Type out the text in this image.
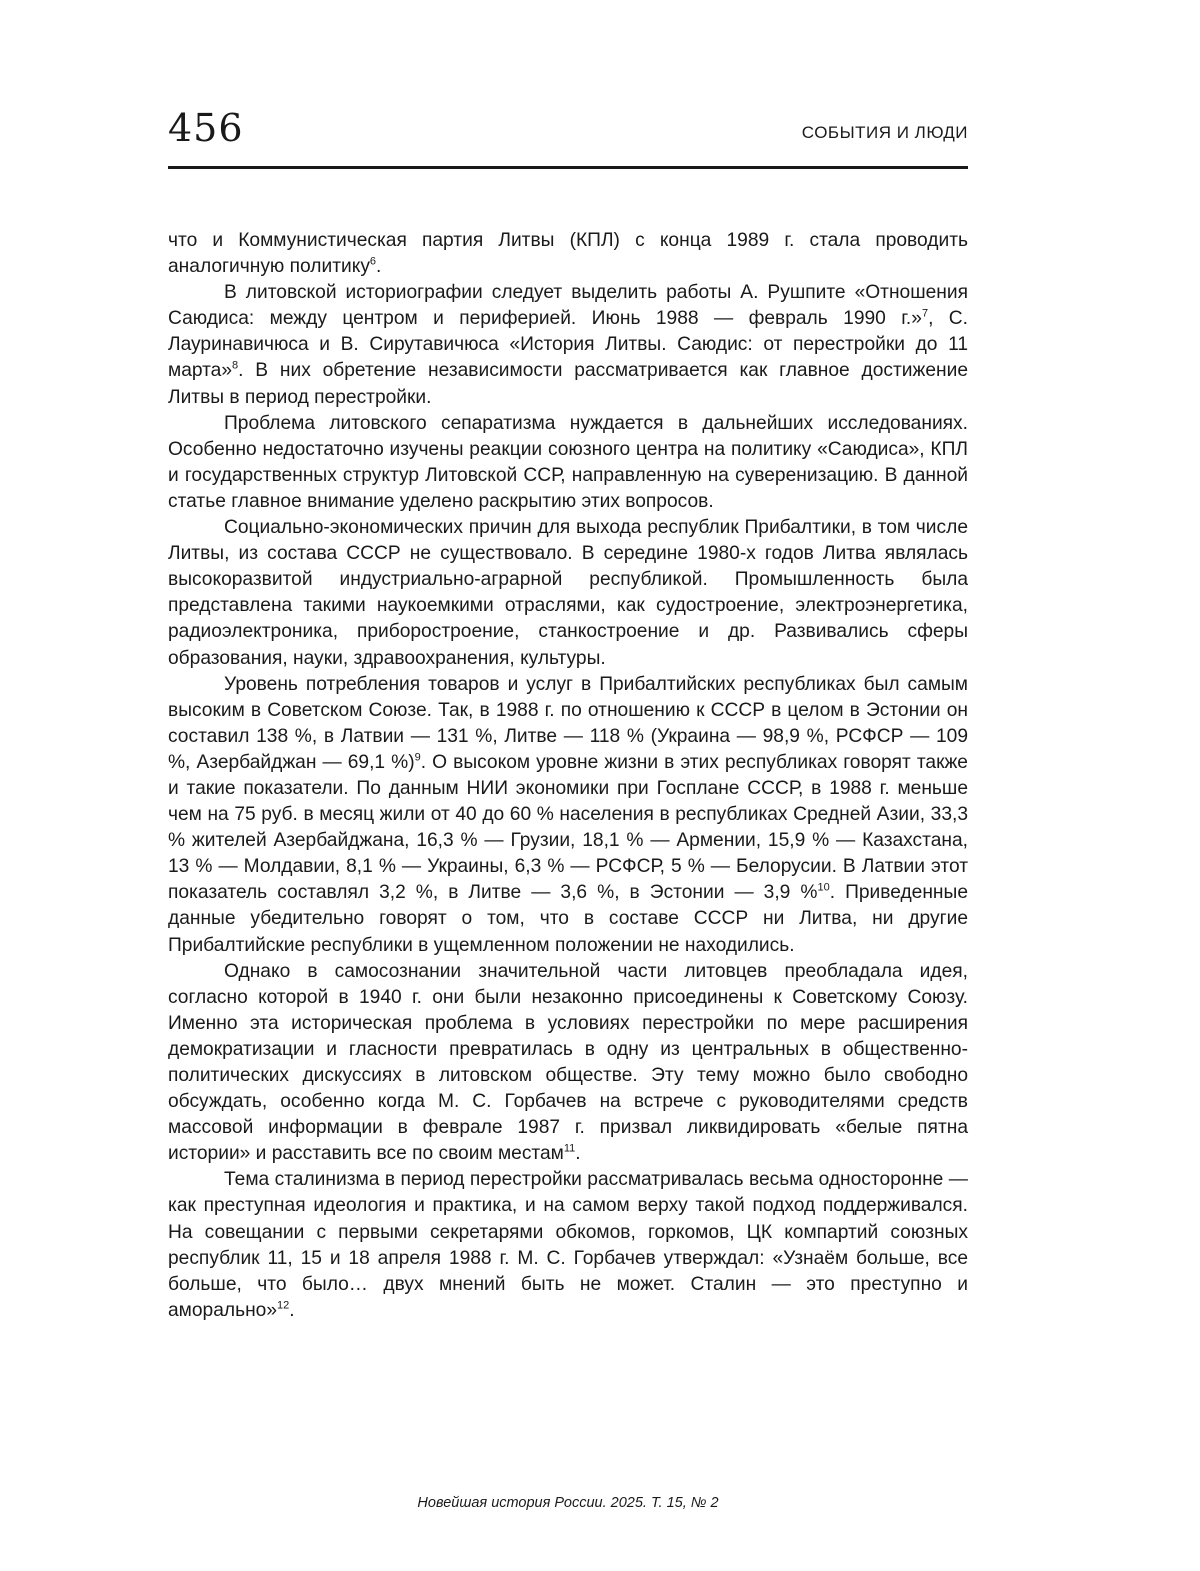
456	СОБЫТИЯ И ЛЮДИ

что и Коммунистическая партия Литвы (КПЛ) с конца 1989 г. стала проводить аналогичную политику$^6$.

В литовской историографии следует выделить работы А. Рушпите «Отношения Саюдиса: между центром и периферией. Июнь 1988 — февраль 1990 г.»$^7$, С. Лауринавичюса и В. Сирутавичюса «История Литвы. Саюдис: от перестройки до 11 марта»$^8$. В них обретение независимости рассматривается как главное достижение Литвы в период перестройки.

Проблема литовского сепаратизма нуждается в дальнейших исследованиях. Особенно недостаточно изучены реакции союзного центра на политику «Саюдиса», КПЛ и государственных структур Литовской ССР, направленную на суверенизацию. В данной статье главное внимание уделено раскрытию этих вопросов.

Социально-экономических причин для выхода республик Прибалтики, в том числе Литвы, из состава СССР не существовало. В середине 1980-х годов Литва являлась высокоразвитой индустриально-аграрной республикой. Промышленность была представлена такими наукоемкими отраслями, как судостроение, электроэнергетика, радиоэлектроника, приборостроение, станкостроение и др. Развивались сферы образования, науки, здравоохранения, культуры.

Уровень потребления товаров и услуг в Прибалтийских республиках был самым высоким в Советском Союзе. Так, в 1988 г. по отношению к СССР в целом в Эстонии он составил 138 %, в Латвии — 131 %, Литве — 118 % (Украина — 98,9 %, РСФСР — 109 %, Азербайджан — 69,1 %)$^9$. О высоком уровне жизни в этих республиках говорят также и такие показатели. По данным НИИ экономики при Госплане СССР, в 1988 г. меньше чем на 75 руб. в месяц жили от 40 до 60 % населения в республиках Средней Азии, 33,3 % жителей Азербайджана, 16,3 % — Грузии, 18,1 % — Армении, 15,9 % — Казахстана, 13 % — Молдавии, 8,1 % — Украины, 6,3 % — РСФСР, 5 % — Белорусии. В Латвии этот показатель составлял 3,2 %, в Литве — 3,6 %, в Эстонии — 3,9 %$^{10}$. Приведенные данные убедительно говорят о том, что в составе СССР ни Литва, ни другие Прибалтийские республики в ущемленном положении не находились.

Однако в самосознании значительной части литовцев преобладала идея, согласно которой в 1940 г. они были незаконно присоединены к Советскому Союзу. Именно эта историческая проблема в условиях перестройки по мере расширения демократизации и гласности превратилась в одну из центральных в общественно-политических дискуссиях в литовском обществе. Эту тему можно было свободно обсуждать, особенно когда М. С. Горбачев на встрече с руководителями средств массовой информации в феврале 1987 г. призвал ликвидировать «белые пятна истории» и расставить все по своим местам$^{11}$.

Тема сталинизма в период перестройки рассматривалась весьма односторонне — как преступная идеология и практика, и на самом верху такой подход поддерживался. На совещании с первыми секретарями обкомов, горкомов, ЦК компартий союзных республик 11, 15 и 18 апреля 1988 г. М. С. Горбачев утверждал: «Узнаём больше, все больше, что было… двух мнений быть не может. Сталин — это преступно и аморально»$^{12}$.

Новейшая история России. 2025. Т. 15, № 2
